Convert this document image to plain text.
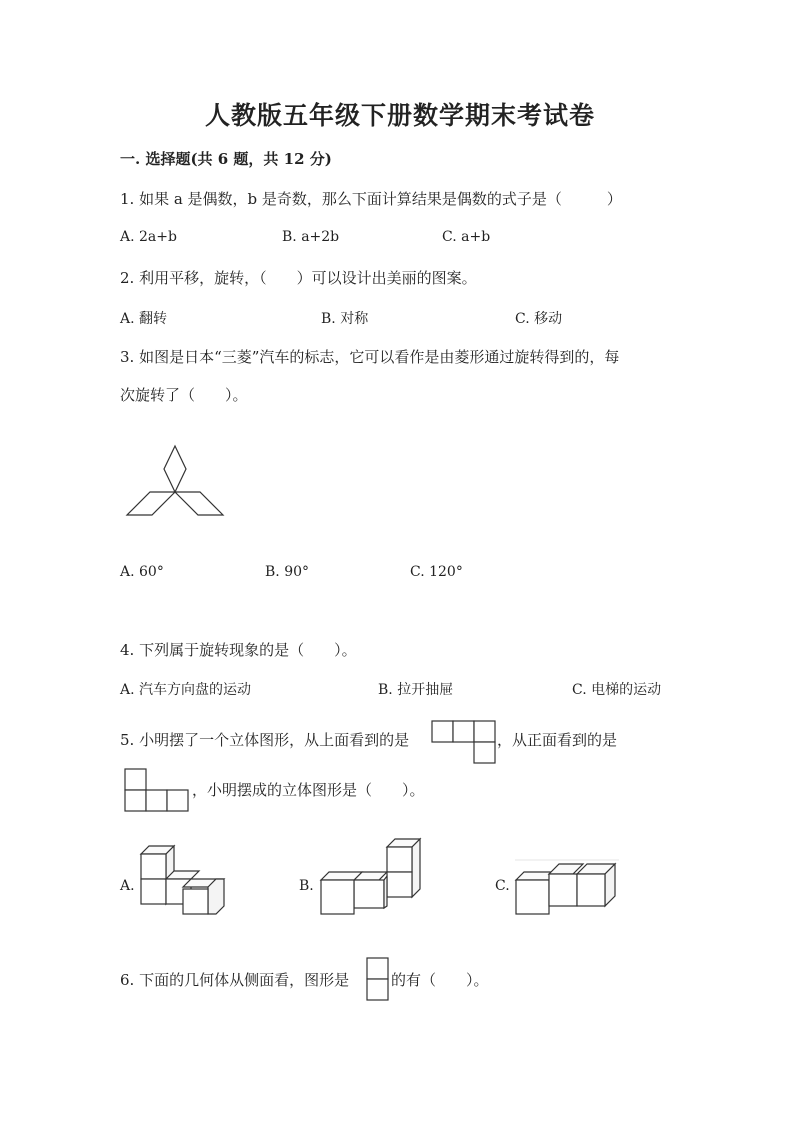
人教版五年级下册数学期末考试卷
一. 选择题(共 6 题，共 12 分)
1. 如果 a 是偶数，b 是奇数，那么下面计算结果是偶数的式子是（　　　）
A. 2a+b	B. a+2b	C. a+b
2. 利用平移，旋转，（　　）可以设计出美丽的图案。
A. 翻转	B. 对称	C. 移动
3. 如图是日本“三菱”汽车的标志，它可以看作是由菱形通过旋转得到的，每
次旋转了（　　）。
A. 60°	B. 90°	C. 120°
4. 下列属于旋转现象的是（　　）。
A. 汽车方向盘的运动	B. 拉开抽屉	C. 电梯的运动
5. 小明摆了一个立体图形，从上面看到的是	，从正面看到的是
，小明摆成的立体图形是（　　）。
A.	B.	C.
6. 下面的几何体从侧面看，图形是	的有（　　）。
